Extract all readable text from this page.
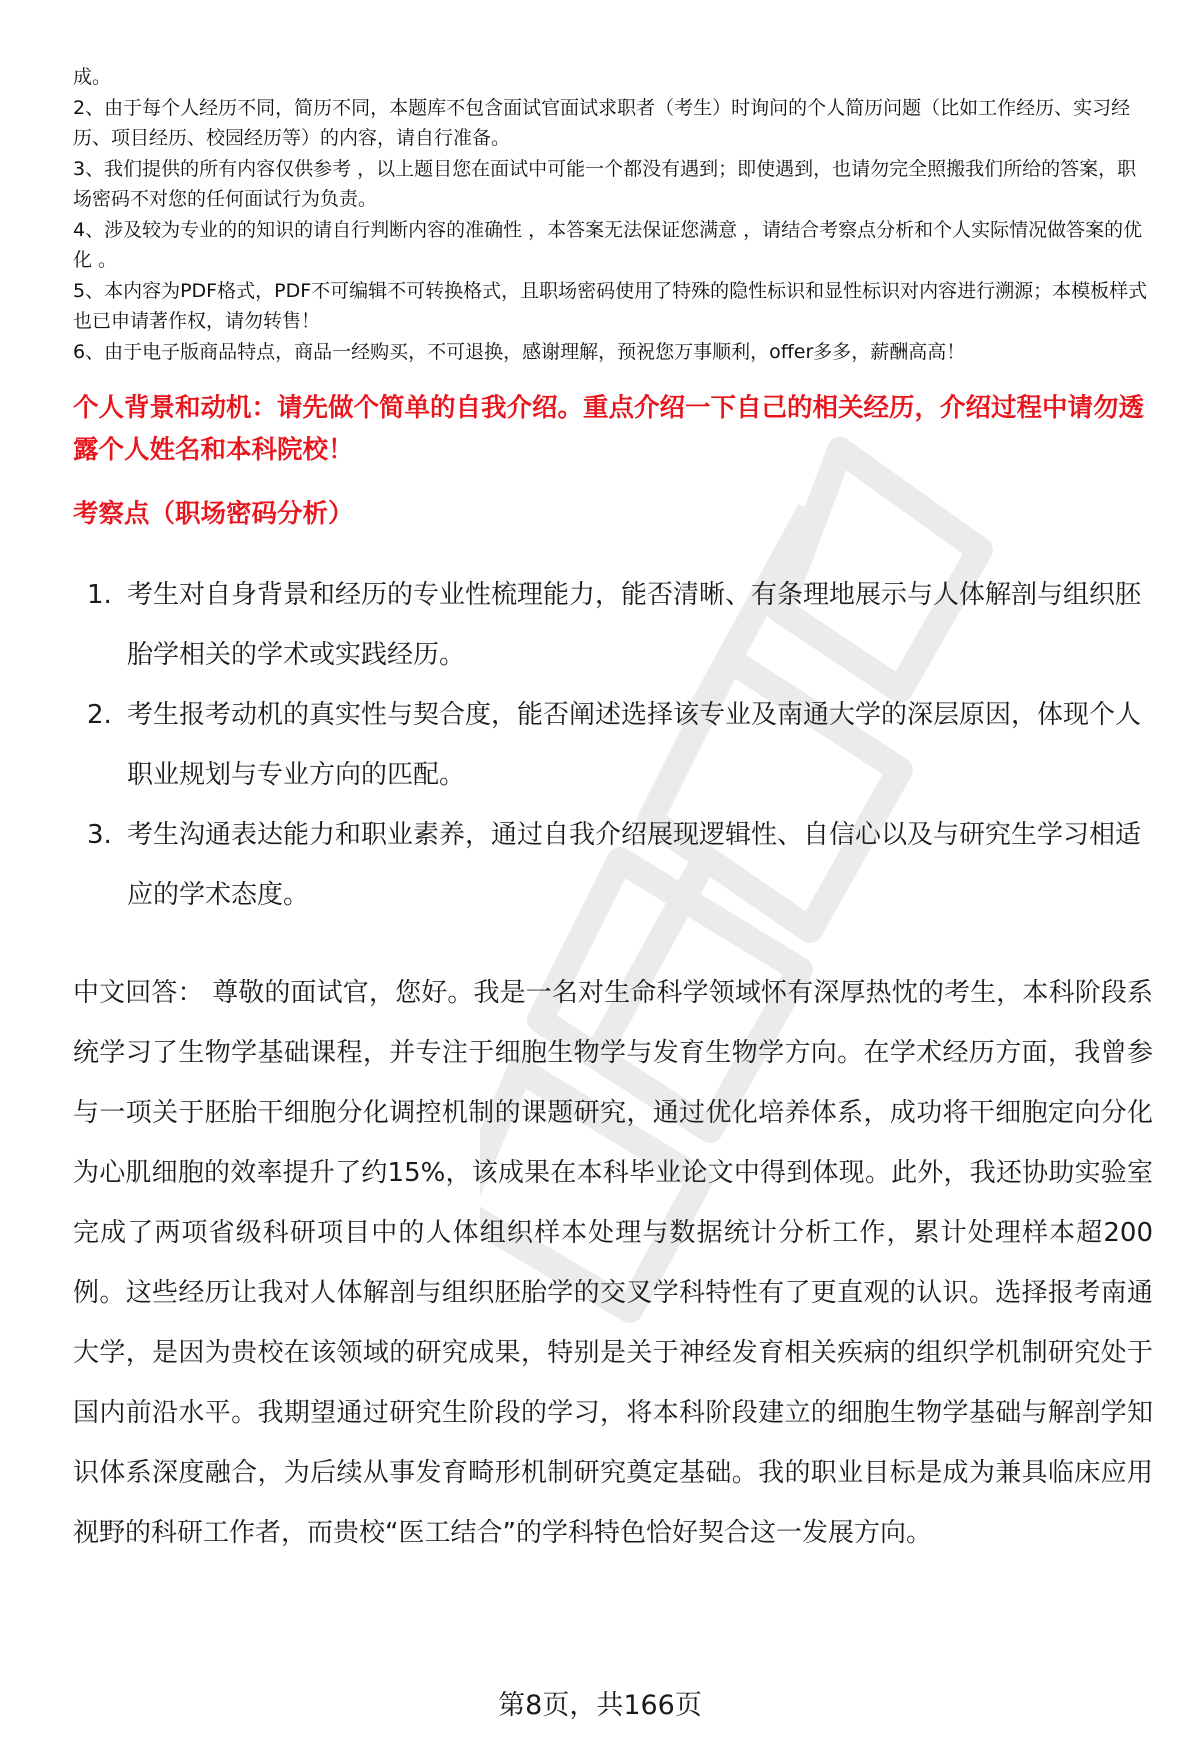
成。

2、由于每个人经历不同，简历不同，本题库不包含面试官面试求职者（考生）时询问的个人简历问题（比如工作经历、实习经历、项目经历、校园经历等）的内容，请自行准备。

3、我们提供的所有内容仅供参考 ，以上题目您在面试中可能一个都没有遇到；即使遇到，也请勿完全照搬我们所给的答案，职场密码不对您的任何面试行为负责。

4、涉及较为专业的的知识的请自行判断内容的准确性 ，本答案无法保证您满意 ，请结合考察点分析和个人实际情况做答案的优化 。

5、本内容为PDF格式，PDF不可编辑不可转换格式，且职场密码使用了特殊的隐性标识和显性标识对内容进行溯源；本模板样式也已申请著作权，请勿转售！

6、由于电子版商品特点，商品一经购买，不可退换，感谢理解，预祝您万事顺利，offer多多，薪酬高高！

个人背景和动机：请先做个简单的自我介绍。重点介绍一下自己的相关经历，介绍过程中请勿透露个人姓名和本科院校！
考察点（职场密码分析）
1. 考生对自身背景和经历的专业性梳理能力，能否清晰、有条理地展示与人体解剖与组织胚胎学相关的学术或实践经历。
2. 考生报考动机的真实性与契合度，能否阐述选择该专业及南通大学的深层原因，体现个人职业规划与专业方向的匹配。
3. 考生沟通表达能力和职业素养，通过自我介绍展现逻辑性、自信心以及与研究生学习相适应的学术态度。
中文回答： 尊敬的面试官，您好。我是一名对生命科学领域怀有深厚热忱的考生，本科阶段系统学习了生物学基础课程，并专注于细胞生物学与发育生物学方向。在学术经历方面，我曾参与一项关于胚胎干细胞分化调控机制的课题研究，通过优化培养体系，成功将干细胞定向分化为心肌细胞的效率提升了约15%，该成果在本科毕业论文中得到体现。此外，我还协助实验室完成了两项省级科研项目中的人体组织样本处理与数据统计分析工作，累计处理样本超200例。这些经历让我对人体解剖与组织胚胎学的交叉学科特性有了更直观的认识。选择报考南通大学，是因为贵校在该领域的研究成果，特别是关于神经发育相关疾病的组织学机制研究处于国内前沿水平。我期望通过研究生阶段的学习，将本科阶段建立的细胞生物学基础与解剖学知识体系深度融合，为后续从事发育畸形机制研究奠定基础。我的职业目标是成为兼具临床应用视野的科研工作者，而贵校“医工结合”的学科特色恰好契合这一发展方向。
第8页，共166页
